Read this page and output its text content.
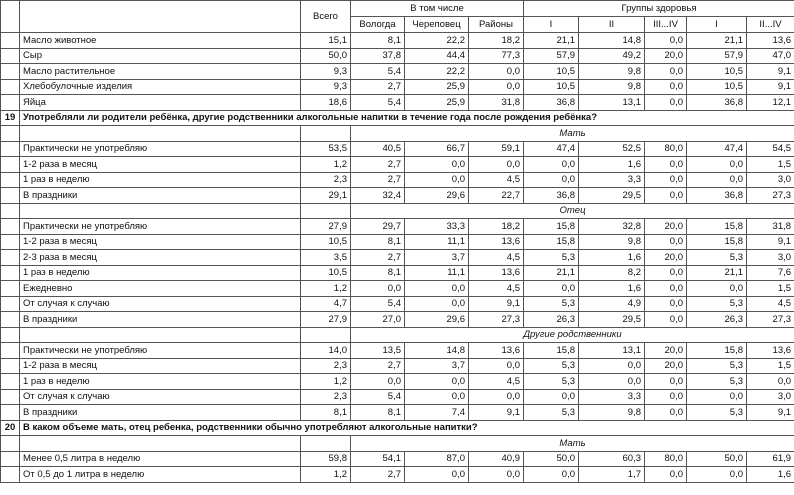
		Всего	В том числе			Группы здоровья				
			Вологда	Череповец	Районы	I	II	III...IV	I	II...IV
	Масло животное	15,1	8,1	22,2	18,2	21,1	14,8	0,0	21,1	13,6
	Сыр	50,0	37,8	44,4	77,3	57,9	49,2	20,0	57,9	47,0
	Масло растительное	9,3	5,4	22,2	0,0	10,5	9,8	0,0	10,5	9,1
	Хлебобулочные изделия	9,3	2,7	25,9	0,0	10,5	9,8	0,0	10,5	9,1
	Яйца	18,6	5,4	25,9	31,8	36,8	13,1	0,0	36,8	12,1
19	Употребляли ли родители ребёнка, другие родственники алкогольные напитки в течение года после рождения ребёнка?									
			Мать							
	Практически не употребляю	53,5	40,5	66,7	59,1	47,4	52,5	80,0	47,4	54,5
	1-2 раза в месяц	1,2	2,7	0,0	0,0	0,0	1,6	0,0	0,0	1,5
	1 раз в неделю	2,3	2,7	0,0	4,5	0,0	3,3	0,0	0,0	3,0
	В праздники	29,1	32,4	29,6	22,7	36,8	29,5	0,0	36,8	27,3
			Отец							
	Практически не употребляю	27,9	29,7	33,3	18,2	15,8	32,8	20,0	15,8	31,8
	1-2 раза в месяц	10,5	8,1	11,1	13,6	15,8	9,8	0,0	15,8	9,1
	2-3 раза в месяц	3,5	2,7	3,7	4,5	5,3	1,6	20,0	5,3	3,0
	1 раз в неделю	10,5	8,1	11,1	13,6	21,1	8,2	0,0	21,1	7,6
	Ежедневно	1,2	0,0	0,0	4,5	0,0	1,6	0,0	0,0	1,5
	От случая к случаю	4,7	5,4	0,0	9,1	5,3	4,9	0,0	5,3	4,5
	В праздники	27,9	27,0	29,6	27,3	26,3	29,5	0,0	26,3	27,3
			Другие родственники							
	Практически не употребляю	14,0	13,5	14,8	13,6	15,8	13,1	20,0	15,8	13,6
	1-2 раза в месяц	2,3	2,7	3,7	0,0	5,3	0,0	20,0	5,3	1,5
	1 раз в неделю	1,2	0,0	0,0	4,5	5,3	0,0	0,0	5,3	0,0
	От случая к случаю	2,3	5,4	0,0	0,0	0,0	3,3	0,0	0,0	3,0
	В праздники	8,1	8,1	7,4	9,1	5,3	9,8	0,0	5,3	9,1
20	В каком объеме мать, отец ребенка, родственники обычно употребляют алкогольные напитки?									
			Мать							
	Менее 0,5 литра в неделю	59,8	54,1	87,0	40,9	50,0	60,3	80,0	50,0	61,9
	От 0,5 до 1 литра в неделю	1,2	2,7	0,0	0,0	0,0	1,7	0,0	0,0	1,6
